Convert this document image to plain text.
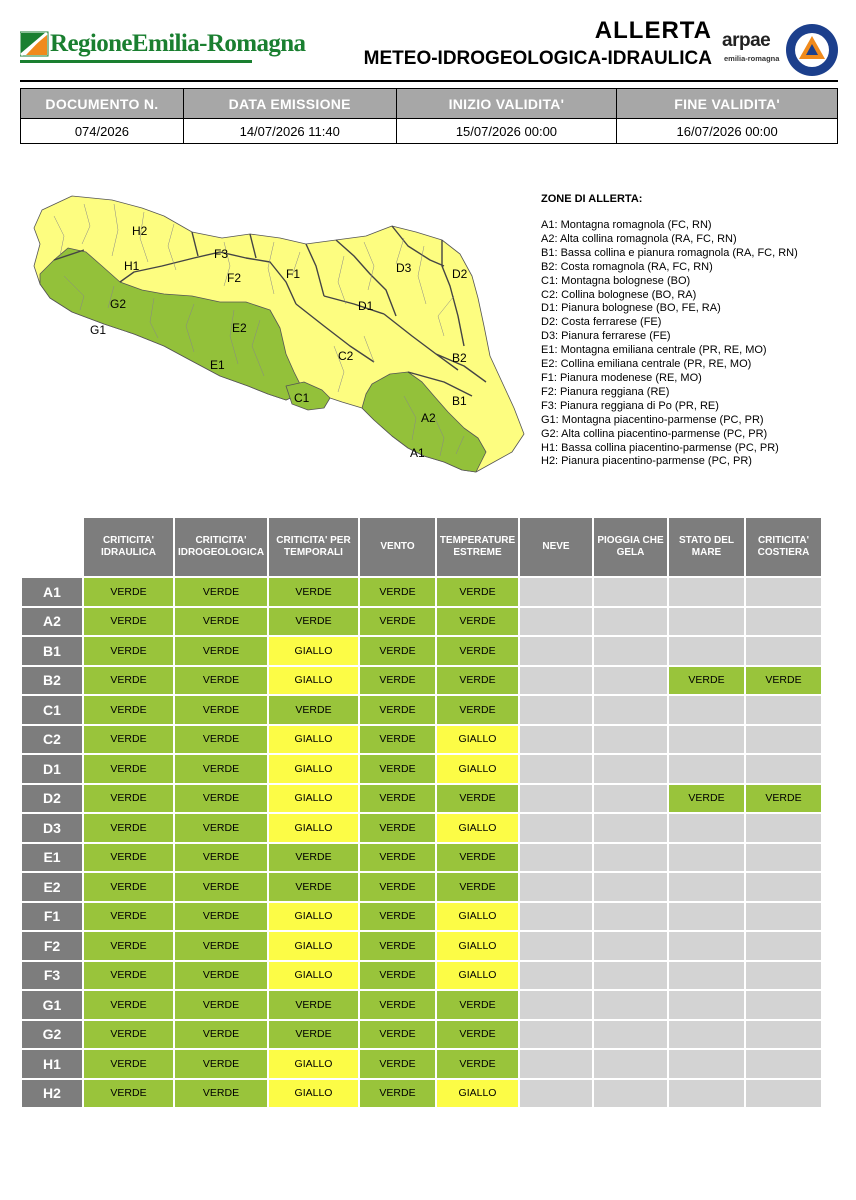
RegioneEmilia-Romagna	ALLERTA
METEO-IDROGEOLOGICA-IDRAULICA
arpae
emilia-romagna
DOCUMENTO N.	DATA EMISSIONE	INIZIO VALIDITA'	FINE VALIDITA'
074/2026	14/07/2026 11:40	15/07/2026 00:00	16/07/2026 00:00
H2
H1
G2
G1
F3
F2	F1
E2
E1
D3	D2
D1
C2
C1
B2
B1
A2
A1
ZONE DI ALLERTA:
A1: Montagna romagnola (FC, RN)
A2: Alta collina romagnola (RA, FC, RN)
B1: Bassa collina e pianura romagnola (RA, FC, RN)
B2: Costa romagnola (RA, FC, RN)
C1: Montagna bolognese (BO)
C2: Collina bolognese (BO, RA)
D1: Pianura bolognese (BO, FE, RA)
D2: Costa ferrarese (FE)
D3: Pianura ferrarese (FE)
E1: Montagna emiliana centrale (PR, RE, MO)
E2: Collina emiliana centrale (PR, RE, MO)
F1: Pianura modenese (RE, MO)
F2: Pianura reggiana (RE)
F3: Pianura reggiana di Po (PR, RE)
G1: Montagna piacentino-parmense (PC, PR)
G2: Alta collina piacentino-parmense (PC, PR)
H1: Bassa collina piacentino-parmense (PC, PR)
H2: Pianura piacentino-parmense (PC, PR)
	CRITICITA' IDRAULICA	CRITICITA' IDROGEOLOGICA	CRITICITA' PER TEMPORALI	VENTO	TEMPERATURE ESTREME	NEVE	PIOGGIA CHE GELA	STATO DEL MARE	CRITICITA' COSTIERA
A1	VERDE	VERDE	VERDE	VERDE	VERDE				
A2	VERDE	VERDE	VERDE	VERDE	VERDE				
B1	VERDE	VERDE	GIALLO	VERDE	VERDE				
B2	VERDE	VERDE	GIALLO	VERDE	VERDE			VERDE	VERDE
C1	VERDE	VERDE	VERDE	VERDE	VERDE				
C2	VERDE	VERDE	GIALLO	VERDE	GIALLO				
D1	VERDE	VERDE	GIALLO	VERDE	GIALLO				
D2	VERDE	VERDE	GIALLO	VERDE	VERDE			VERDE	VERDE
D3	VERDE	VERDE	GIALLO	VERDE	GIALLO				
E1	VERDE	VERDE	VERDE	VERDE	VERDE				
E2	VERDE	VERDE	VERDE	VERDE	VERDE				
F1	VERDE	VERDE	GIALLO	VERDE	GIALLO				
F2	VERDE	VERDE	GIALLO	VERDE	GIALLO				
F3	VERDE	VERDE	GIALLO	VERDE	GIALLO				
G1	VERDE	VERDE	VERDE	VERDE	VERDE				
G2	VERDE	VERDE	VERDE	VERDE	VERDE				
H1	VERDE	VERDE	GIALLO	VERDE	VERDE				
H2	VERDE	VERDE	GIALLO	VERDE	GIALLO				
